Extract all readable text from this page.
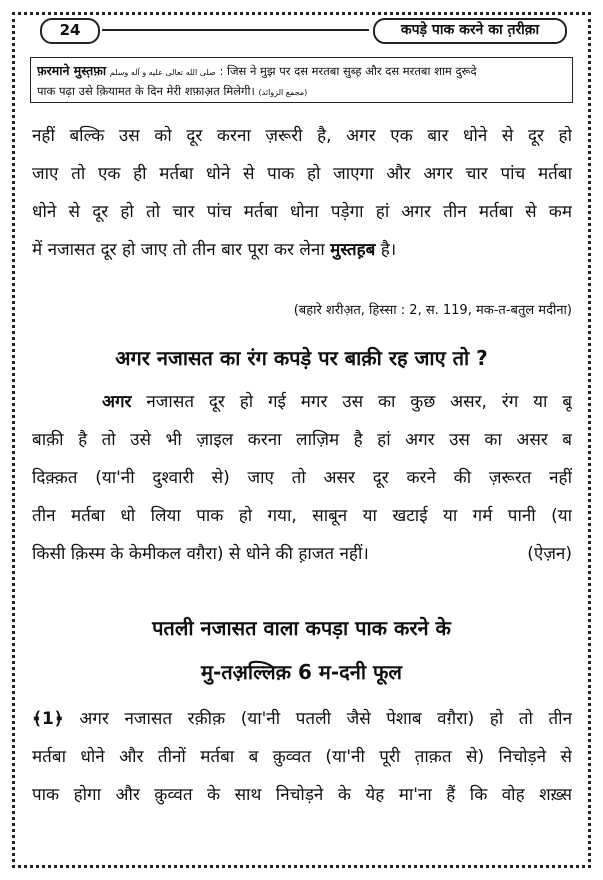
24	कपड़े पाक करने का त़रीक़ा
फ़रमाने मुस्त़फ़ा صلى الله تعالى عليه و آله وسلم : जिस ने मुझ पर दस मरतबा सुब्ह़ और दस मरतबा शाम दुरूदे
पाक पढ़ा उसे क़ियामत के दिन मेरी शफ़ाअ़त मिलेगी। (مجمع الزوائد)
नहीं बल्कि उस को दूर करना ज़रूरी है, अगर एक बार धोने से दूर हो
जाए तो एक ही मर्तबा धोने से पाक हो जाएगा और अगर चार पांच मर्तबा
धोने से दूर हो तो चार पांच मर्तबा धोना पड़ेगा हां अगर तीन मर्तबा से कम
में नजासत दूर हो जाए तो तीन बार पूरा कर लेना मुस्तह़ब है।
(बहारे शरीअ़त, हिस्सा : 2, स. 119, मक-त-बतुल मदीना)
अगर नजासत का रंग कपड़े पर बाक़ी रह जाए तो ?
अगर नजासत दूर हो गई मगर उस का कुछ असर, रंग या बू
बाक़ी है तो उसे भी ज़ाइल करना लाज़िम है हां अगर उस का असर ब
दिक़्क़त (या'नी दुश्वारी से) जाए तो असर दूर करने की ज़रूरत नहीं
तीन मर्तबा धो लिया पाक हो गया, साबून या खटाई या गर्म पानी (या
किसी क़िस्म के केमीकल वग़ैरा) से धोने की ह़ाजत नहीं।	(ऐज़न)
पतली नजासत वाला कपड़ा पाक करने के
मु-तअ़ल्लिक़ 6 म-दनी फूल
﴾1﴿ अगर नजासत रक़ीक़ (या'नी पतली जैसे पेशाब वग़ैरा) हो तो तीन
मर्तबा धोने और तीनों मर्तबा ब क़ुव्वत (या'नी पूरी त़ाक़त से) निचोड़ने से
पाक होगा और क़ुव्वत के साथ निचोड़ने के येह मा'ना हैं कि वोह शख़्स
